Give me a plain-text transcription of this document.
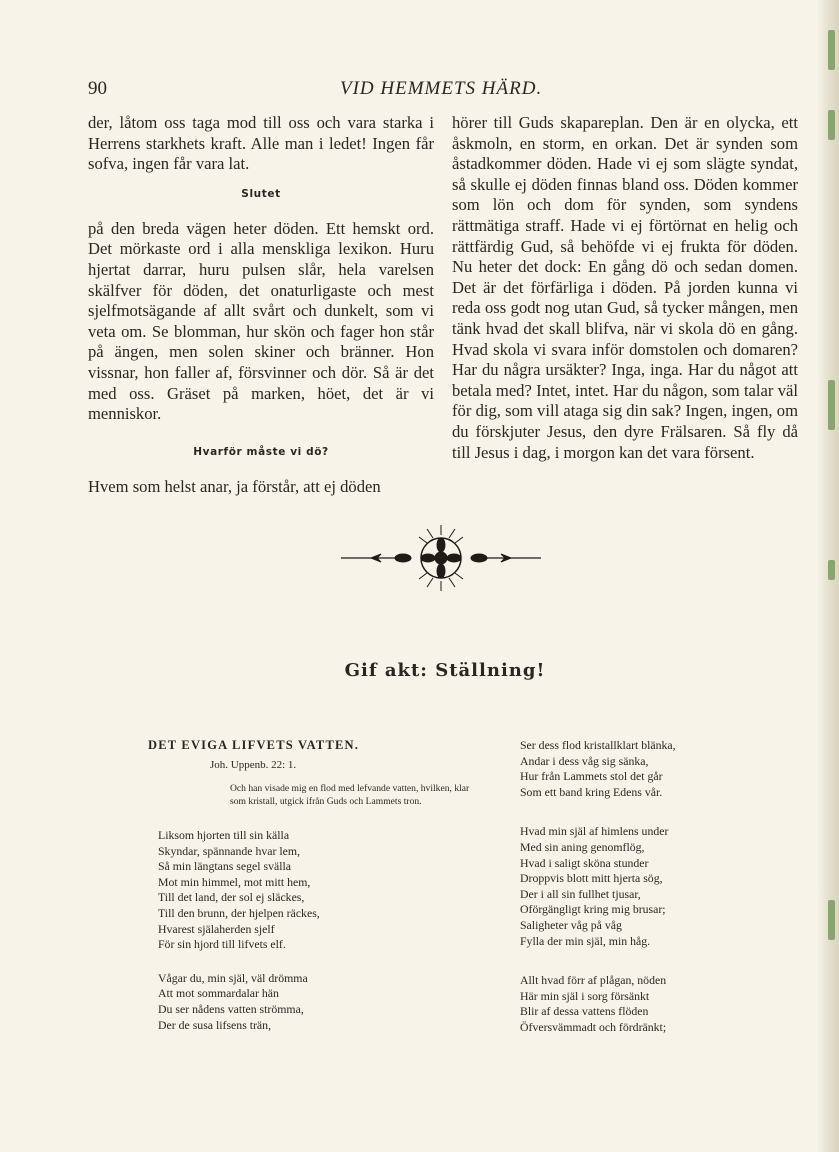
90	VID HEMMETS HÄRD.

der, låtom oss taga mod till oss och vara starka i Herrens starkhets kraft. Alle man i ledet! Ingen får sofva, ingen får vara lat.

Slutet

på den breda vägen heter döden. Ett hemskt ord. Det mörkaste ord i alla menskliga lexikon. Huru hjertat darrar, huru pulsen slår, hela varelsen skälfver för döden, det onaturligaste och mest sjelfmotsägande af allt svårt och dunkelt, som vi veta om. Se blomman, hur skön och fager hon står på ängen, men solen skiner och bränner. Hon vissnar, hon faller af, försvinner och dör. Så är det med oss. Gräset på marken, höet, det är vi menniskor.

Hvarför måste vi dö?

Hvem som helst anar, ja förstår, att ej döden

hörer till Guds skapareplan. Den är en olycka, ett åskmoln, en storm, en orkan. Det är synden som åstadkommer döden. Hade vi ej som slägte syndat, så skulle ej döden finnas bland oss. Döden kommer som lön och dom för synden, som syndens rättmätiga straff. Hade vi ej förtörnat en helig och rättfärdig Gud, så behöfde vi ej frukta för döden. Nu heter det dock: En gång dö och sedan domen. Det är det förfärliga i döden. På jorden kunna vi reda oss godt nog utan Gud, så tycker mången, men tänk hvad det skall blifva, när vi skola dö en gång. Hvad skola vi svara inför domstolen och domaren? Har du några ursäkter? Inga, inga. Har du något att betala med? Intet, intet. Har du någon, som talar väl för dig, som vill ataga sig din sak? Ingen, ingen, om du förskjuter Jesus, den dyre Frälsaren. Så fly då till Jesus i dag, i morgon kan det vara försent.

Gif akt: Ställning!
DET EVIGA LIFVETS VATTEN.
Joh. Uppenb. 22: 1.
Och han visade mig en flod med lefvande vatten, hvilken, klar som kristall, utgick ifrån Guds och Lammets tron.
Liksom hjorten till sin källa
Skyndar, spännande hvar lem,
Så min längtans segel svälla
Mot min himmel, mot mitt hem,
Till det land, der sol ej släckes,
Till den brunn, der hjelpen räckes,
Hvarest själaherden sjelf
För sin hjord till lifvets elf.
Vågar du, min själ, väl drömma
Att mot sommardalar hän
Du ser nådens vatten strömma,
Der de susa lifsens trän,
Ser dess flod kristallklart blänka,
Andar i dess våg sig sänka,
Hur från Lammets stol det går
Som ett band kring Edens vår.
Hvad min själ af himlens under
Med sin aning genomflög,
Hvad i saligt sköna stunder
Droppvis blott mitt hjerta sög,
Der i all sin fullhet tjusar,
Oförgängligt kring mig brusar;
Saligheter våg på våg
Fylla der min själ, min håg.
Allt hvad förr af plågan, nöden
Här min själ i sorg försänkt
Blir af dessa vattens flöden
Öfversvämmadt och fördränkt;
